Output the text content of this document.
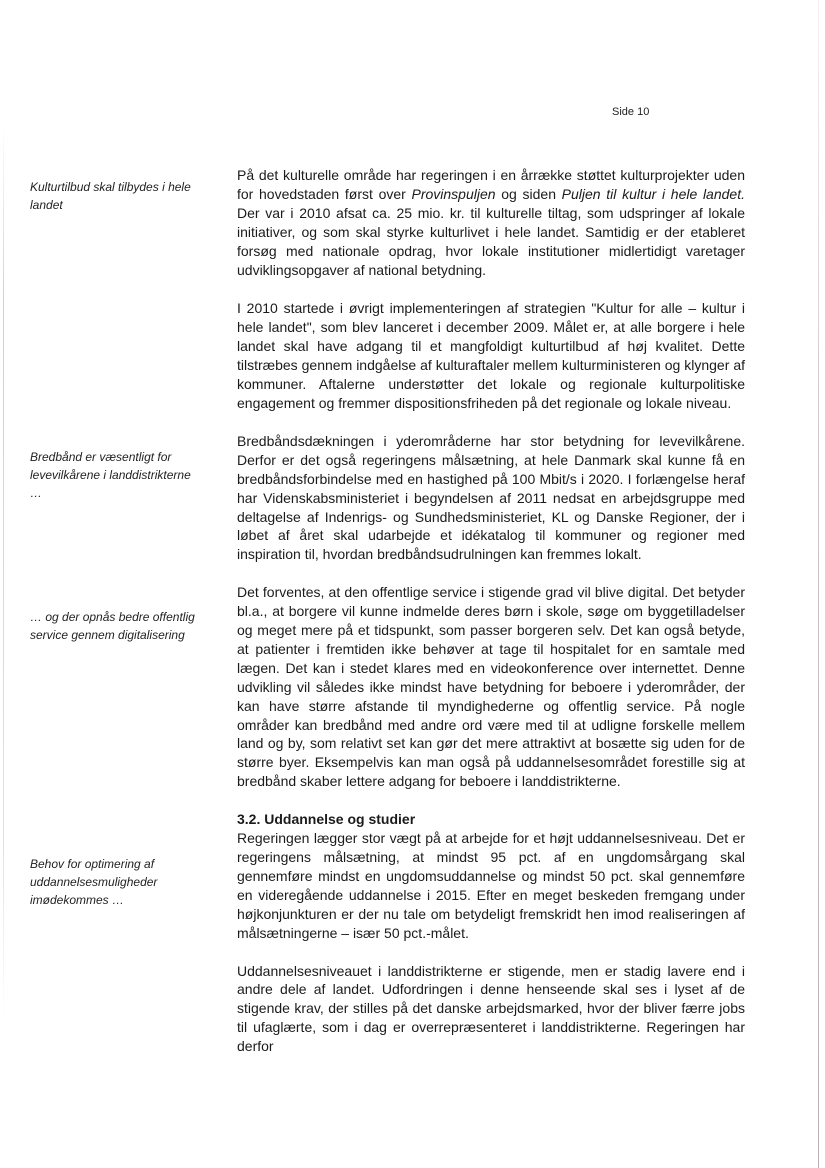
Side 10
Kulturtilbud skal tilbydes i hele landet
Bredbånd er væsentligt for levevilkårene i landdistrikterne …
… og der opnås bedre offentlig service gennem digitalisering
Behov for optimering af uddannelsesmuligheder imødekommes …

På det kulturelle område har regeringen i en årrække støttet kulturprojekter uden for hovedstaden først over Provinspuljen og siden Puljen til kultur i hele landet. Der var i 2010 afsat ca. 25 mio. kr. til kulturelle tiltag, som udspringer af lokale initiativer, og som skal styrke kulturlivet i hele landet. Samtidig er der etableret forsøg med nationale opdrag, hvor lokale institutioner midlertidigt varetager udviklingsopgaver af national betydning.

I 2010 startede i øvrigt implementeringen af strategien "Kultur for alle – kultur i hele landet", som blev lanceret i december 2009. Målet er, at alle borgere i hele landet skal have adgang til et mangfoldigt kulturtilbud af høj kvalitet. Dette tilstræbes gennem indgåelse af kulturaftaler mellem kulturministeren og klynger af kommuner. Aftalerne understøtter det lokale og regionale kulturpolitiske engagement og fremmer dispositionsfriheden på det regionale og lokale niveau.

Bredbåndsdækningen i yderområderne har stor betydning for levevilkårene. Derfor er det også regeringens målsætning, at hele Danmark skal kunne få en bredbåndsforbindelse med en hastighed på 100 Mbit/s i 2020. I forlængelse heraf har Videnskabsministeriet i begyndelsen af 2011 nedsat en arbejdsgruppe med deltagelse af Indenrigs- og Sundhedsministeriet, KL og Danske Regioner, der i løbet af året skal udarbejde et idékatalog til kommuner og regioner med inspiration til, hvordan bredbåndsudrulningen kan fremmes lokalt.

Det forventes, at den offentlige service i stigende grad vil blive digital. Det betyder bl.a., at borgere vil kunne indmelde deres børn i skole, søge om byggetilladelser og meget mere på et tidspunkt, som passer borgeren selv. Det kan også betyde, at patienter i fremtiden ikke behøver at tage til hospitalet for en samtale med lægen. Det kan i stedet klares med en videokonference over internettet. Denne udvikling vil således ikke mindst have betydning for beboere i yderområder, der kan have større afstande til myndighederne og offentlig service. På nogle områder kan bredbånd med andre ord være med til at udligne forskelle mellem land og by, som relativt set kan gør det mere attraktivt at bosætte sig uden for de større byer. Eksempelvis kan man også på uddannelsesområdet forestille sig at bredbånd skaber lettere adgang for beboere i landdistrikterne.

3.2. Uddannelse og studier

Regeringen lægger stor vægt på at arbejde for et højt uddannelsesniveau. Det er regeringens målsætning, at mindst 95 pct. af en ungdomsårgang skal gennemføre mindst en ungdomsuddannelse og mindst 50 pct. skal gennemføre en videregående uddannelse i 2015. Efter en meget beskeden fremgang under højkonjunkturen er der nu tale om betydeligt fremskridt hen imod realiseringen af målsætningerne – især 50 pct.-målet.

Uddannelsesniveauet i landdistrikterne er stigende, men er stadig lavere end i andre dele af landet. Udfordringen i denne henseende skal ses i lyset af de stigende krav, der stilles på det danske arbejdsmarked, hvor der bliver færre jobs til ufaglærte, som i dag er overrepræsenteret i landdistrikterne. Regeringen har derfor
